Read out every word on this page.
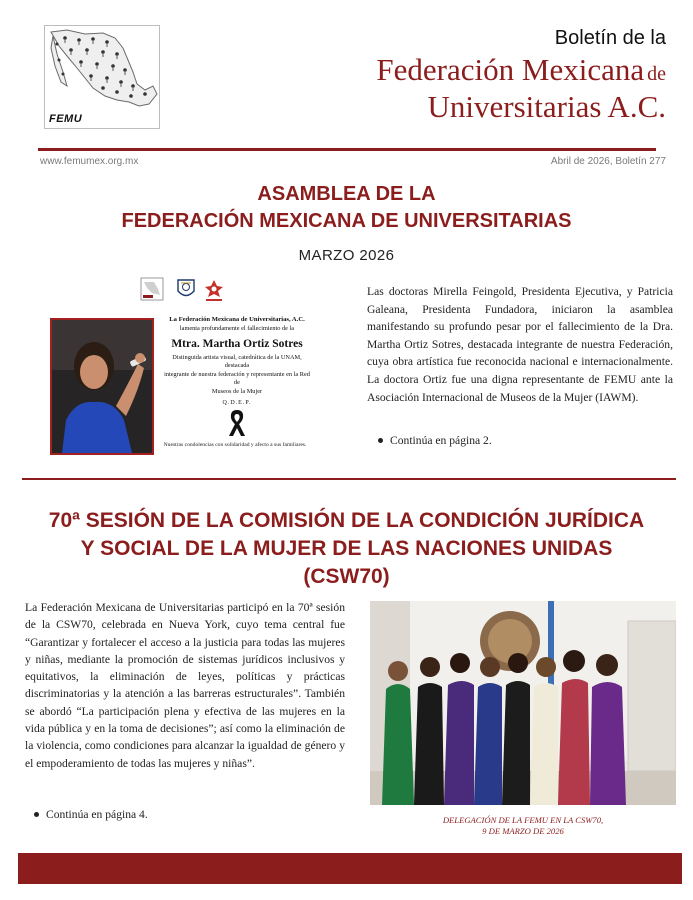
FEMU
Boletín de la
Federación Mexicana de
Universitarias A.C.
www.femumex.org.mx	Abril de 2026, Boletín 277
ASAMBLEA DE LA
FEDERACIÓN MEXICANA DE UNIVERSITARIAS
MARZO 2026
La Federación Mexicana de Universitarias, A.C.
lamenta profundamente el fallecimiento de la
Mtra. Martha Ortiz Sotres
Distinguida artista visual, catedrática de la UNAM, destacada
integrante de nuestra federación y representante en la Red de
Museos de la Mujer
Q.D.E.P.
Nuestras condolencias con solidaridad y afecto a sus familiares.
Las doctoras Mirella Feingold, Presidenta Ejecutiva, y Patricia Galeana, Presidenta Fundadora, iniciaron la asamblea manifestando su profundo pesar por el fallecimiento de la Dra. Martha Ortiz Sotres, destacada integrante de nuestra Federación, cuya obra artística fue reconocida nacional e internacionalmente. La doctora Ortiz fue una digna representante de FEMU ante la Asociación Internacional de Museos de la Mujer (IAWM).
Continúa en página 2.
70ª SESIÓN DE LA COMISIÓN DE LA CONDICIÓN JURÍDICA
Y SOCIAL DE LA MUJER DE LAS NACIONES UNIDAS
(CSW70)
La Federación Mexicana de Universitarias participó en la 70ª sesión de la CSW70, celebrada en Nueva York, cuyo tema central fue “Garantizar y fortalecer el acceso a la justicia para todas las mujeres y niñas, mediante la promoción de sistemas jurídicos inclusivos y equitativos, la eliminación de leyes, políticas y prácticas discriminatorias y la atención a las barreras estructurales”. También se abordó “La participación plena y efectiva de las mujeres en la vida pública y en la toma de decisiones”; así como la eliminación de la violencia, como condiciones para alcanzar la igualdad de género y el empoderamiento de todas las mujeres y niñas”.
Continúa en página 4.	DELEGACIÓN DE LA FEMU EN LA CSW70,
9 DE MARZO DE 2026
